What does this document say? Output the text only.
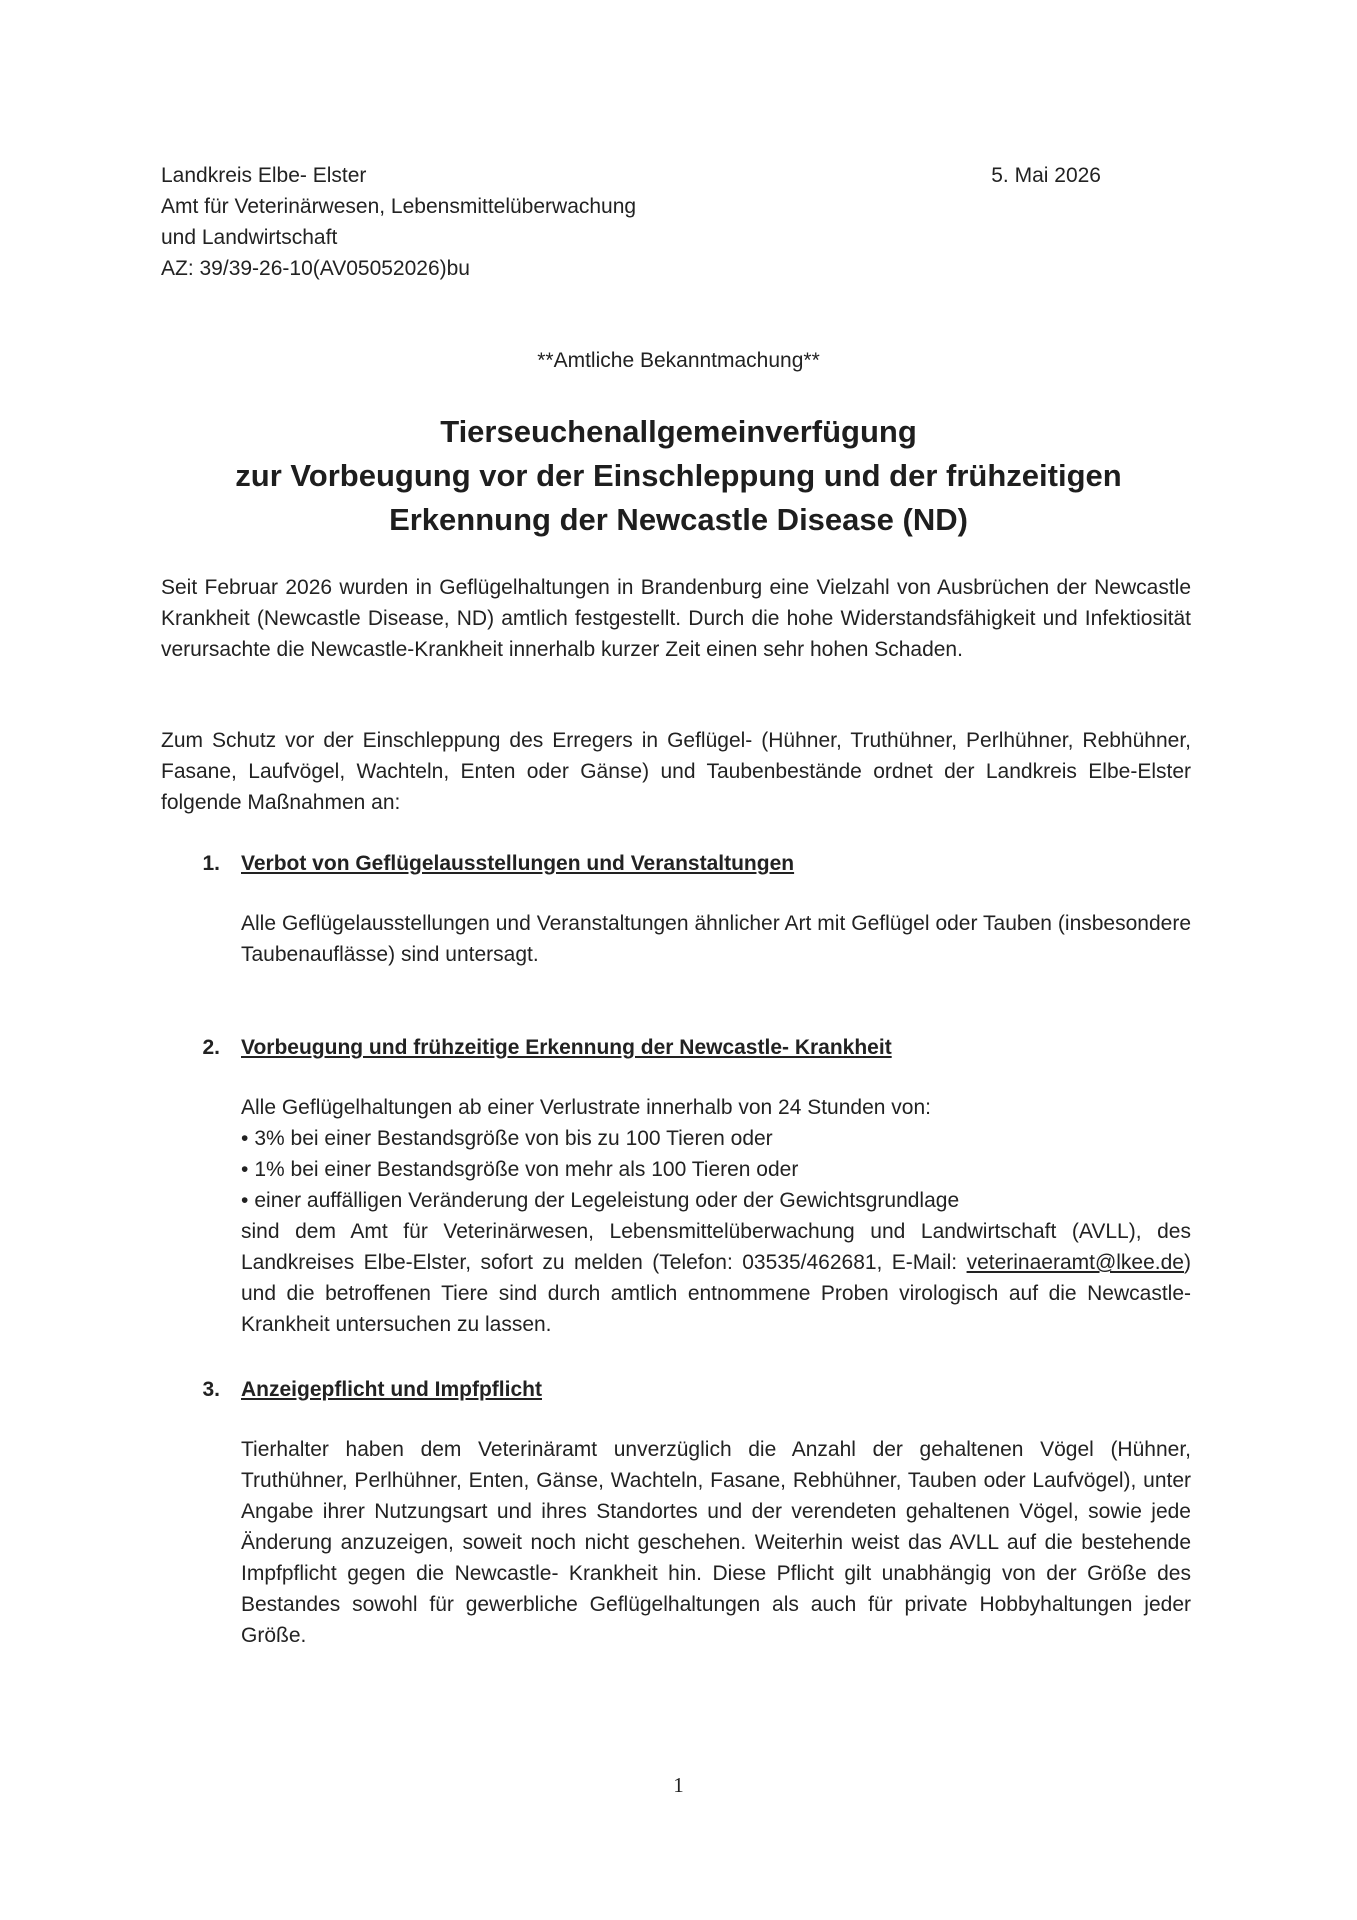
Landkreis Elbe- Elster
Amt für Veterinärwesen, Lebensmittelüberwachung
und Landwirtschaft
AZ: 39/39-26-10(AV05052026)bu
5. Mai 2026
**Amtliche Bekanntmachung**
Tierseuchenallgemeinverfügung
zur Vorbeugung vor der Einschleppung und der frühzeitigen
Erkennung der Newcastle Disease (ND)
Seit Februar 2026 wurden in Geflügelhaltungen in Brandenburg eine Vielzahl von Ausbrüchen der Newcastle Krankheit (Newcastle Disease, ND) amtlich festgestellt. Durch die hohe Widerstandsfähigkeit und Infektiosität verursachte die Newcastle-Krankheit innerhalb kurzer Zeit einen sehr hohen Schaden.
Zum Schutz vor der Einschleppung des Erregers in Geflügel- (Hühner, Truthühner, Perlhühner, Rebhühner, Fasane, Laufvögel, Wachteln, Enten oder Gänse) und Taubenbestände ordnet der Landkreis Elbe-Elster folgende Maßnahmen an:
1.	Verbot von Geflügelausstellungen und Veranstaltungen
Alle Geflügelausstellungen und Veranstaltungen ähnlicher Art mit Geflügel oder Tauben (insbesondere Taubenauflässe) sind untersagt.
2.	Vorbeugung und frühzeitige Erkennung der Newcastle- Krankheit
Alle Geflügelhaltungen ab einer Verlustrate innerhalb von 24 Stunden von:
• 3% bei einer Bestandsgröße von bis zu 100 Tieren oder
• 1% bei einer Bestandsgröße von mehr als 100 Tieren oder
• einer auffälligen Veränderung der Legeleistung oder der Gewichtsgrundlage
sind dem Amt für Veterinärwesen, Lebensmittelüberwachung und Landwirtschaft (AVLL), des Landkreises Elbe-Elster, sofort zu melden (Telefon: 03535/462681, E-Mail: veterinaeramt@lkee.de) und die betroffenen Tiere sind durch amtlich entnommene Proben virologisch auf die Newcastle- Krankheit untersuchen zu lassen.
3.	Anzeigepflicht und Impfpflicht
Tierhalter haben dem Veterinäramt unverzüglich die Anzahl der gehaltenen Vögel (Hühner, Truthühner, Perlhühner, Enten, Gänse, Wachteln, Fasane, Rebhühner, Tauben oder Laufvögel), unter Angabe ihrer Nutzungsart und ihres Standortes und der verendeten gehaltenen Vögel, sowie jede Änderung anzuzeigen, soweit noch nicht geschehen. Weiterhin weist das AVLL auf die bestehende Impfpflicht gegen die Newcastle- Krankheit hin. Diese Pflicht gilt unabhängig von der Größe des Bestandes sowohl für gewerbliche Geflügelhaltungen als auch für private Hobbyhaltungen jeder Größe.
1
